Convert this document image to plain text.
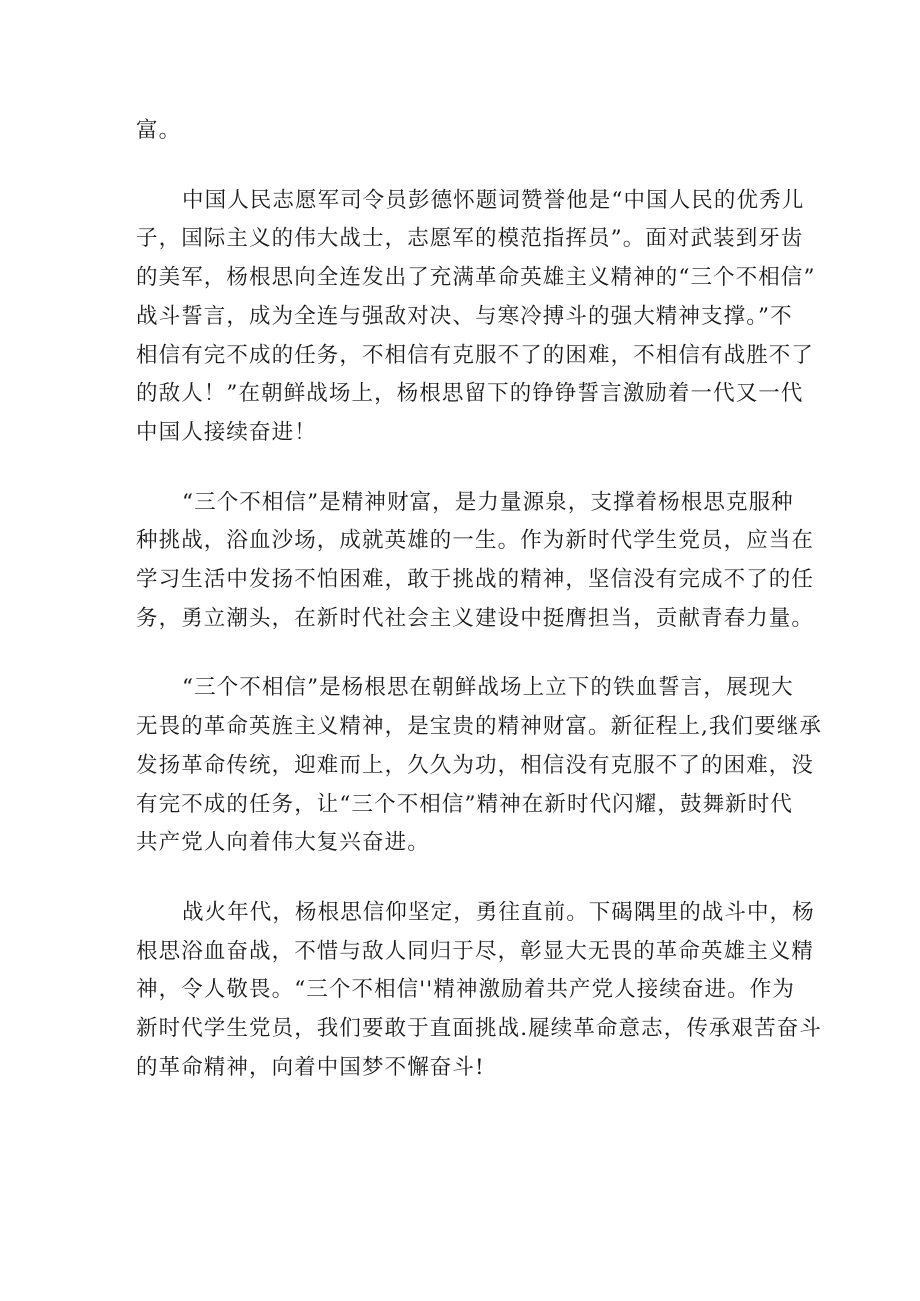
富。

中国人民志愿军司令员彭德怀题词赞誉他是“中国人民的优秀儿
子，国际主义的伟大战士，志愿军的模范指挥员”。面对武装到牙齿
的美军，杨根思向全连发出了充满革命英雄主义精神的“三个不相信”
战斗誓言，成为全连与强敌对决、与寒冷搏斗的强大精神支撑。”不
相信有完不成的任务，不相信有克服不了的困难，不相信有战胜不了
的敌人！”在朝鲜战场上，杨根思留下的铮铮誓言激励着一代又一代
中国人接续奋进！

“三个不相信”是精神财富，是力量源泉，支撑着杨根思克服种
种挑战，浴血沙场，成就英雄的一生。作为新时代学生党员，应当在
学习生活中发扬不怕困难，敢于挑战的精神，坚信没有完成不了的任
务，勇立潮头，在新时代社会主义建设中挺膺担当，贡献青春力量。

“三个不相信”是杨根思在朝鲜战场上立下的铁血誓言，展现大
无畏的革命英旌主义精神，是宝贵的精神财富。新征程上,我们要继承
发扬革命传统，迎难而上，久久为功，相信没有克服不了的困难，没
有完不成的任务，让“三个不相信”精神在新时代闪耀，鼓舞新时代
共产党人向着伟大复兴奋进。

战火年代，杨根思信仰坚定，勇往直前。下碣隅里的战斗中，杨
根思浴血奋战，不惜与敌人同归于尽，彰显大无畏的革命英雄主义精
神，令人敬畏。“三个不相信''精神激励着共产党人接续奋进。作为
新时代学生党员，我们要敢于直面挑战.屣续革命意志，传承艰苦奋斗
的革命精神，向着中国梦不懈奋斗!
